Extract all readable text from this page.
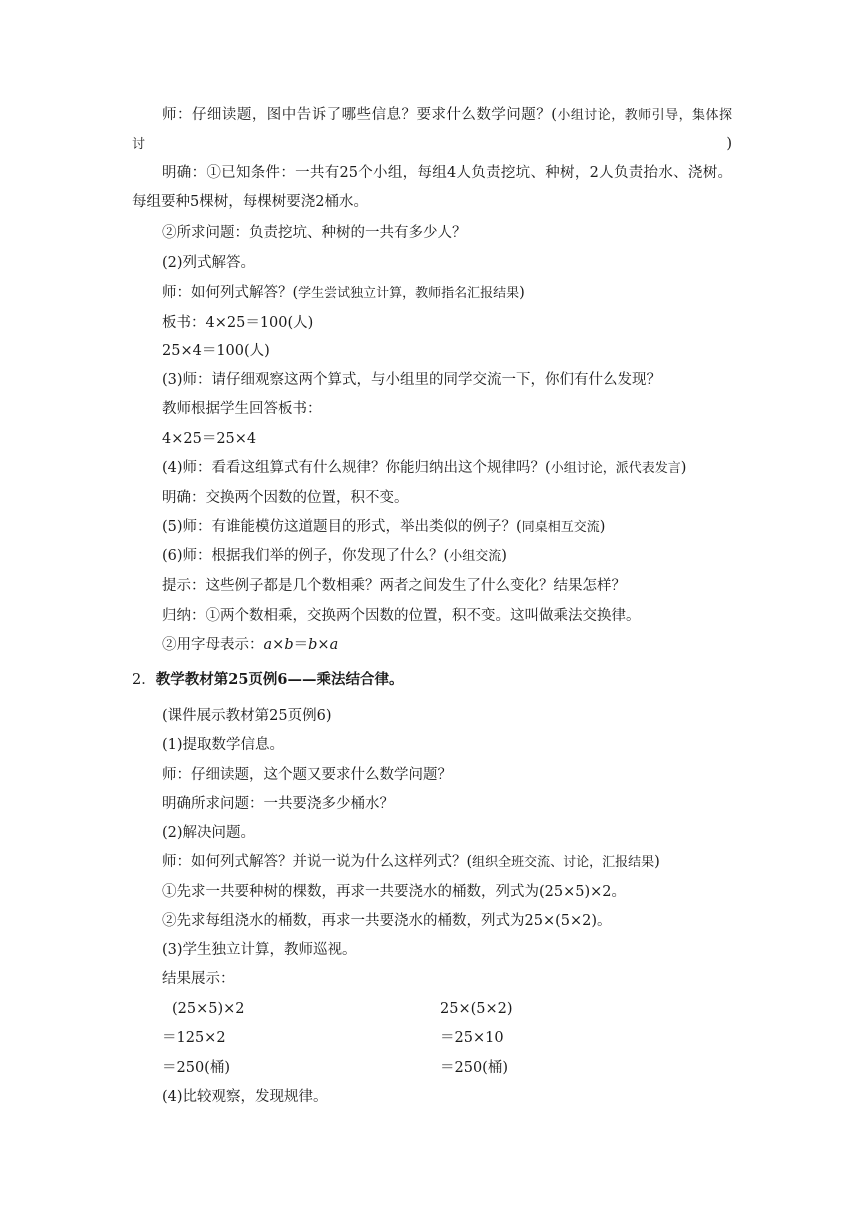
师：仔细读题，图中告诉了哪些信息？要求什么数学问题？(小组讨论，教师引导，集体探讨)
明确：①已知条件：一共有25个小组，每组4人负责挖坑、种树，2人负责抬水、浇树。每组要种5棵树，每棵树要浇2桶水。
②所求问题：负责挖坑、种树的一共有多少人？
(2)列式解答。
师：如何列式解答？(学生尝试独立计算，教师指名汇报结果)
板书：4×25＝100(人)
25×4＝100(人)
(3)师：请仔细观察这两个算式，与小组里的同学交流一下，你们有什么发现？
教师根据学生回答板书：
4×25＝25×4
(4)师：看看这组算式有什么规律？你能归纳出这个规律吗？(小组讨论，派代表发言)
明确：交换两个因数的位置，积不变。
(5)师：有谁能模仿这道题目的形式，举出类似的例子？(同桌相互交流)
(6)师：根据我们举的例子，你发现了什么？(小组交流)
提示：这些例子都是几个数相乘？两者之间发生了什么变化？结果怎样？
归纳：①两个数相乘，交换两个因数的位置，积不变。这叫做乘法交换律。
②用字母表示：a×b＝b×a
2．教学教材第25页例6——乘法结合律。
(课件展示教材第25页例6)
(1)提取数学信息。
师：仔细读题，这个题又要求什么数学问题？
明确所求问题：一共要浇多少桶水？
(2)解决问题。
师：如何列式解答？并说一说为什么这样列式？(组织全班交流、讨论，汇报结果)
①先求一共要种树的棵数，再求一共要浇水的桶数，列式为(25×5)×2。
②先求每组浇水的桶数，再求一共要浇水的桶数，列式为25×(5×2)。
(3)学生独立计算，教师巡视。
结果展示：
(25×5)×2	25×(5×2)
＝125×2	＝25×10
＝250(桶)	＝250(桶)
(4)比较观察，发现规律。
